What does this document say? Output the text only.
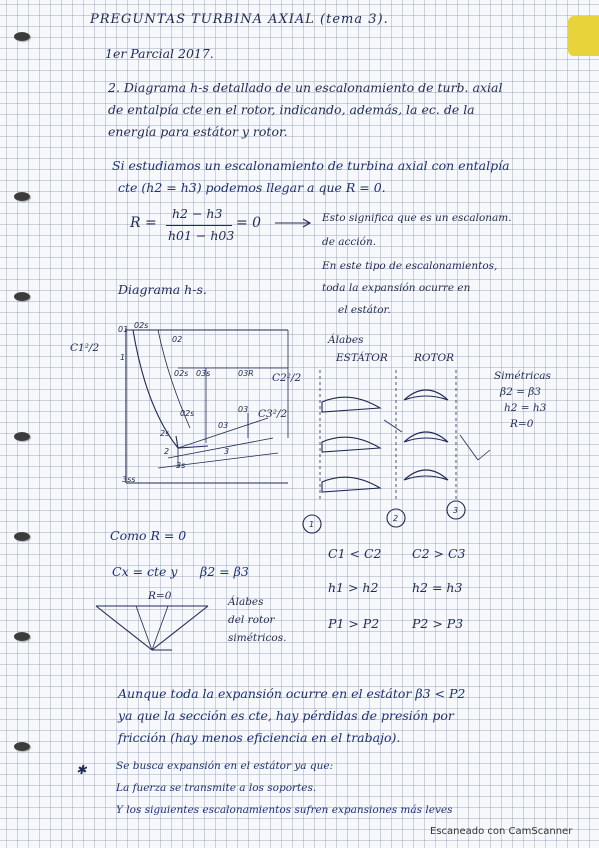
PREGUNTAS TURBINA AXIAL (tema 3).
1er Parcial 2017.
2. Diagrama h-s detallado de un escalonamiento de turb. axial
de entalpía cte en el rotor, indicando, además, la ec. de la
energía para estátor y rotor.
Si estudiamos un escalonamiento de turbina axial con entalpía
cte (h2 = h3) podemos llegar a que R = 0.
R =
h2 − h3
h01 − h03
= 0	Esto significa que es un escalonam.
de acción.
En este tipo de escalonamientos,
toda la expansión ocurre en
el estátor.
Diagrama h-s.
01 02s
02
02s 03s	03R
03
02s
03
2s
2	3
3s
3ss
1
C1²/2
C2²/2
C3²/2
Álabes
ESTÁTOR ROTOR
Simétricas
β2 = β3
h2 = h3
R=0
1
2
3
Como R = 0
Cx = cte y β2 = β3
R=0	Álabes
del rotor
simétricos.
C1 < C2 C2 > C3
h1 > h2	h2 = h3
P1 > P2	P2 > P3
Aunque toda la expansión ocurre en el estátor β3 < P2
ya que la sección es cte, hay pérdidas de presión por
fricción (hay menos eficiencia en el trabajo).
✱	Se busca expansión en el estátor ya que:
La fuerza se transmite a los soportes.
Y los siguientes escalonamientos sufren expansiones más leves
Escaneado con CamScanner
